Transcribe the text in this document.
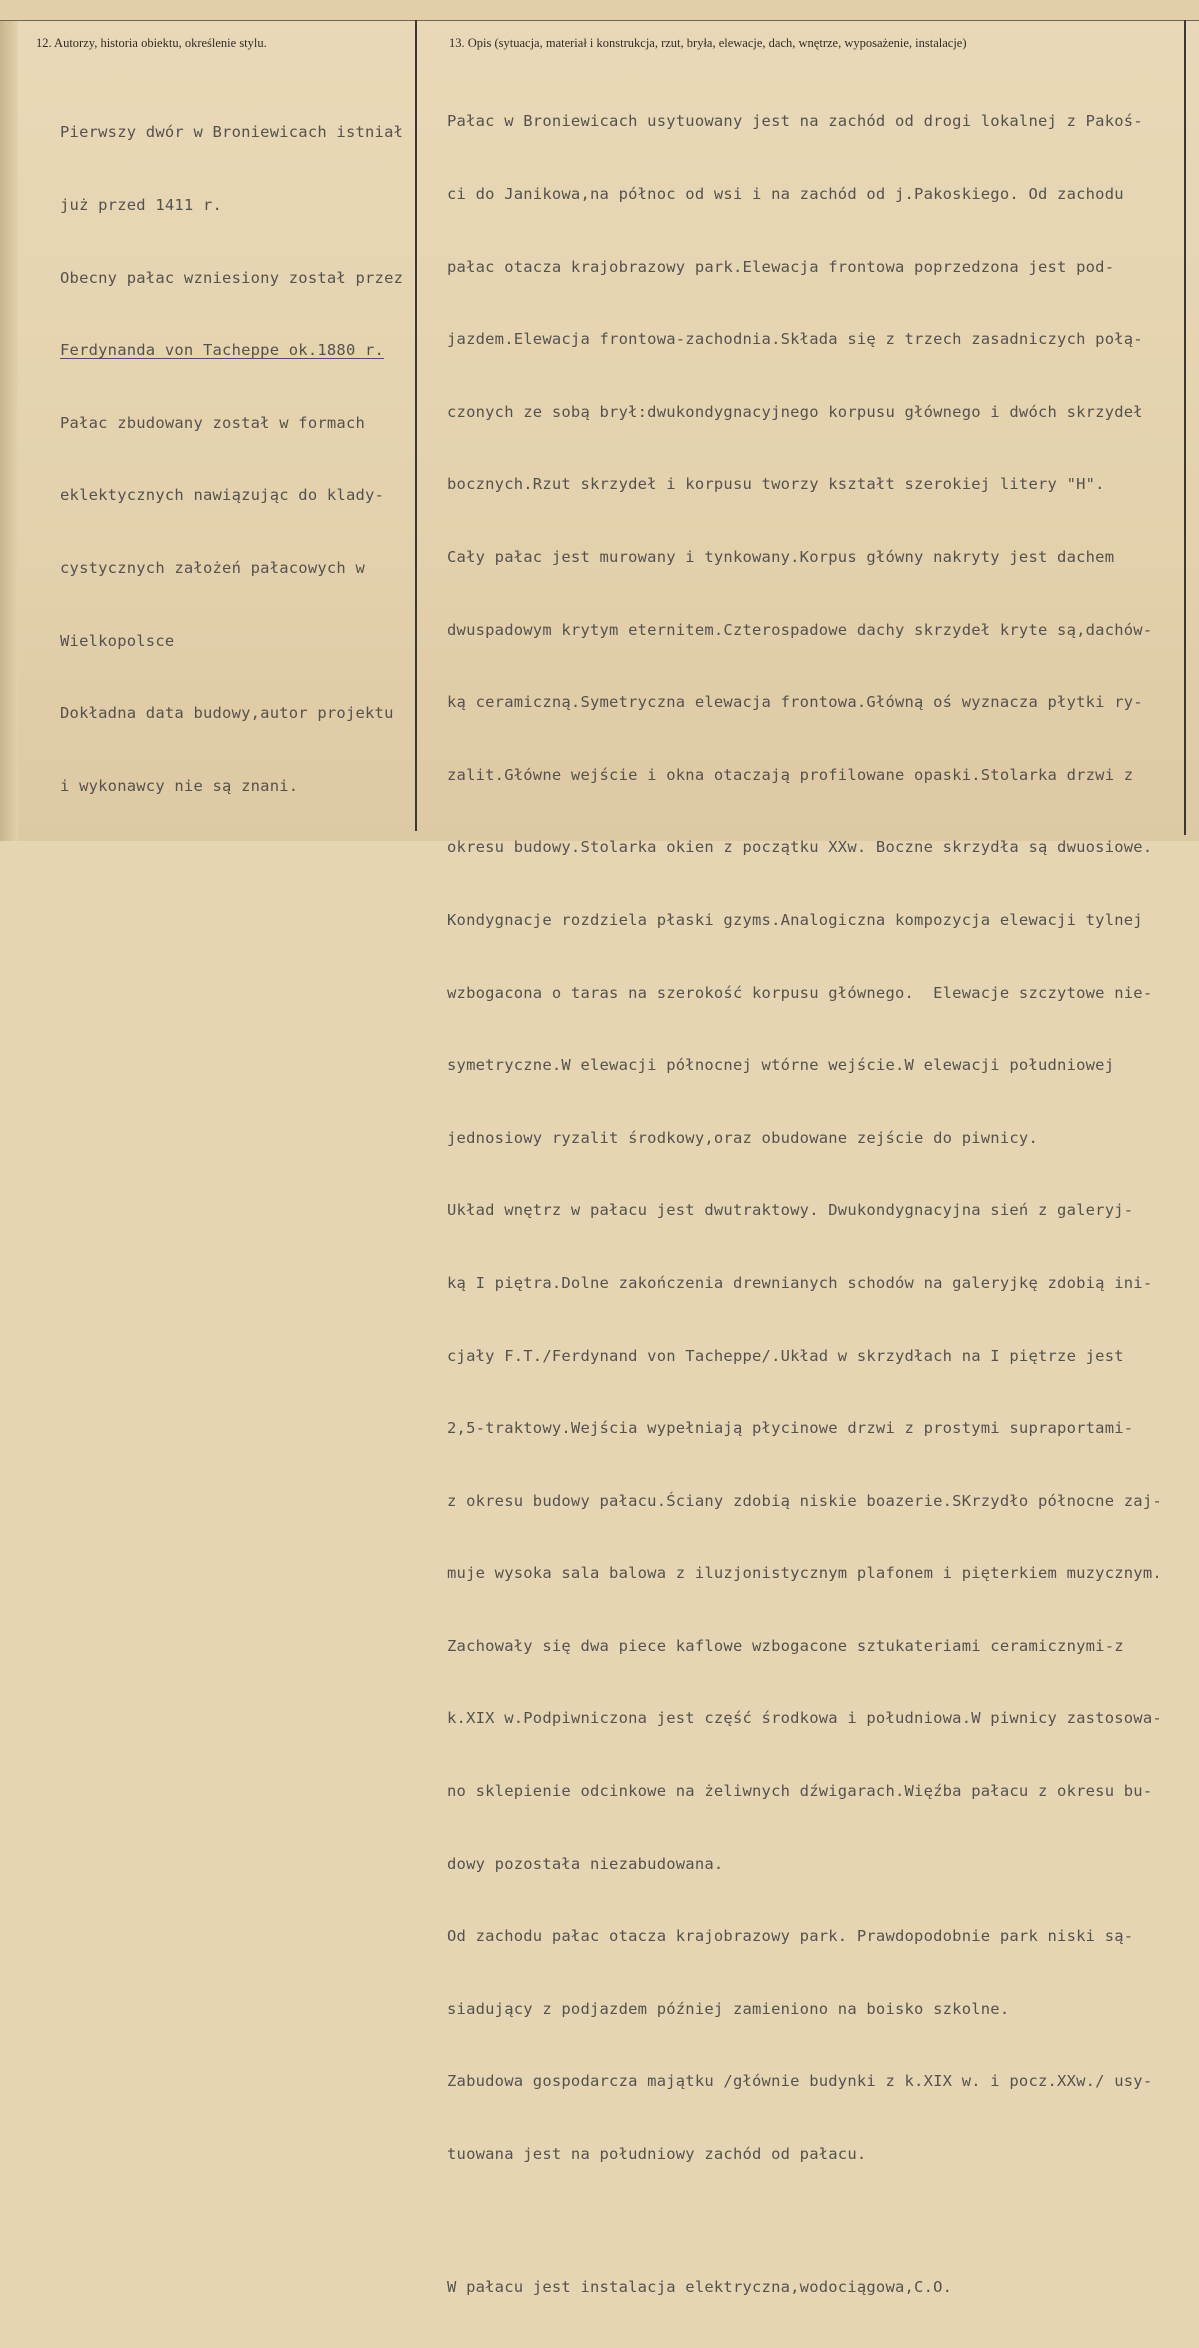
12. Autorzy, historia obiektu, określenie stylu.	13. Opis (sytuacja, materiał i konstrukcja, rzut, bryła, elewacje, dach, wnętrze, wyposażenie, instalacje)

Pierwszy dwór w Broniewicach istniał

już przed 1411 r.

Obecny pałac wzniesiony został przez

Ferdynanda von Tacheppe ok.1880 r.

Pałac zbudowany został w formach

eklektycznych nawiązując do klady-

cystycznych założeń pałacowych w

Wielkopolsce

Dokładna data budowy,autor projektu

i wykonawcy nie są znani.

Pałac w Broniewicach usytuowany jest na zachód od drogi lokalnej z Pakoś-

ci do Janikowa,na północ od wsi i na zachód od j.Pakoskiego. Od zachodu

pałac otacza krajobrazowy park.Elewacja frontowa poprzedzona jest pod-

jazdem.Elewacja frontowa-zachodnia.Składa się z trzech zasadniczych połą-

czonych ze sobą brył:dwukondygnacyjnego korpusu głównego i dwóch skrzydeł

bocznych.Rzut skrzydeł i korpusu tworzy kształt szerokiej litery "H".

Cały pałac jest murowany i tynkowany.Korpus główny nakryty jest dachem

dwuspadowym krytym eternitem.Czterospadowe dachy skrzydeł kryte są,dachów-

ką ceramiczną.Symetryczna elewacja frontowa.Główną oś wyznacza płytki ry-

zalit.Główne wejście i okna otaczają profilowane opaski.Stolarka drzwi z

okresu budowy.Stolarka okien z początku XXw. Boczne skrzydła są dwuosiowe.

Kondygnacje rozdziela płaski gzyms.Analogiczna kompozycja elewacji tylnej

wzbogacona o taras na szerokość korpusu głównego.  Elewacje szczytowe nie-

symetryczne.W elewacji północnej wtórne wejście.W elewacji południowej

jednosiowy ryzalit środkowy,oraz obudowane zejście do piwnicy.

Układ wnętrz w pałacu jest dwutraktowy. Dwukondygnacyjna sień z galeryj-

ką I piętra.Dolne zakończenia drewnianych schodów na galeryjkę zdobią ini-

cjały F.T./Ferdynand von Tacheppe/.Układ w skrzydłach na I piętrze jest

2,5-traktowy.Wejścia wypełniają płycinowe drzwi z prostymi supraportami-

z okresu budowy pałacu.Ściany zdobią niskie boazerie.SKrzydło północne zaj-

muje wysoka sala balowa z iluzjonistycznym plafonem i pięterkiem muzycznym.

Zachowały się dwa piece kaflowe wzbogacone sztukateriami ceramicznymi-z

k.XIX w.Podpiwniczona jest część środkowa i południowa.W piwnicy zastosowa-

no sklepienie odcinkowe na żeliwnych dźwigarach.Więźba pałacu z okresu bu-

dowy pozostała niezabudowana.

Od zachodu pałac otacza krajobrazowy park. Prawdopodobnie park niski są-

siadujący z podjazdem później zamieniono na boisko szkolne.

Zabudowa gospodarcza majątku /głównie budynki z k.XIX w. i pocz.XXw./ usy-

tuowana jest na południowy zachód od pałacu.

W pałacu jest instalacja elektryczna,wodociągowa,C.O.
